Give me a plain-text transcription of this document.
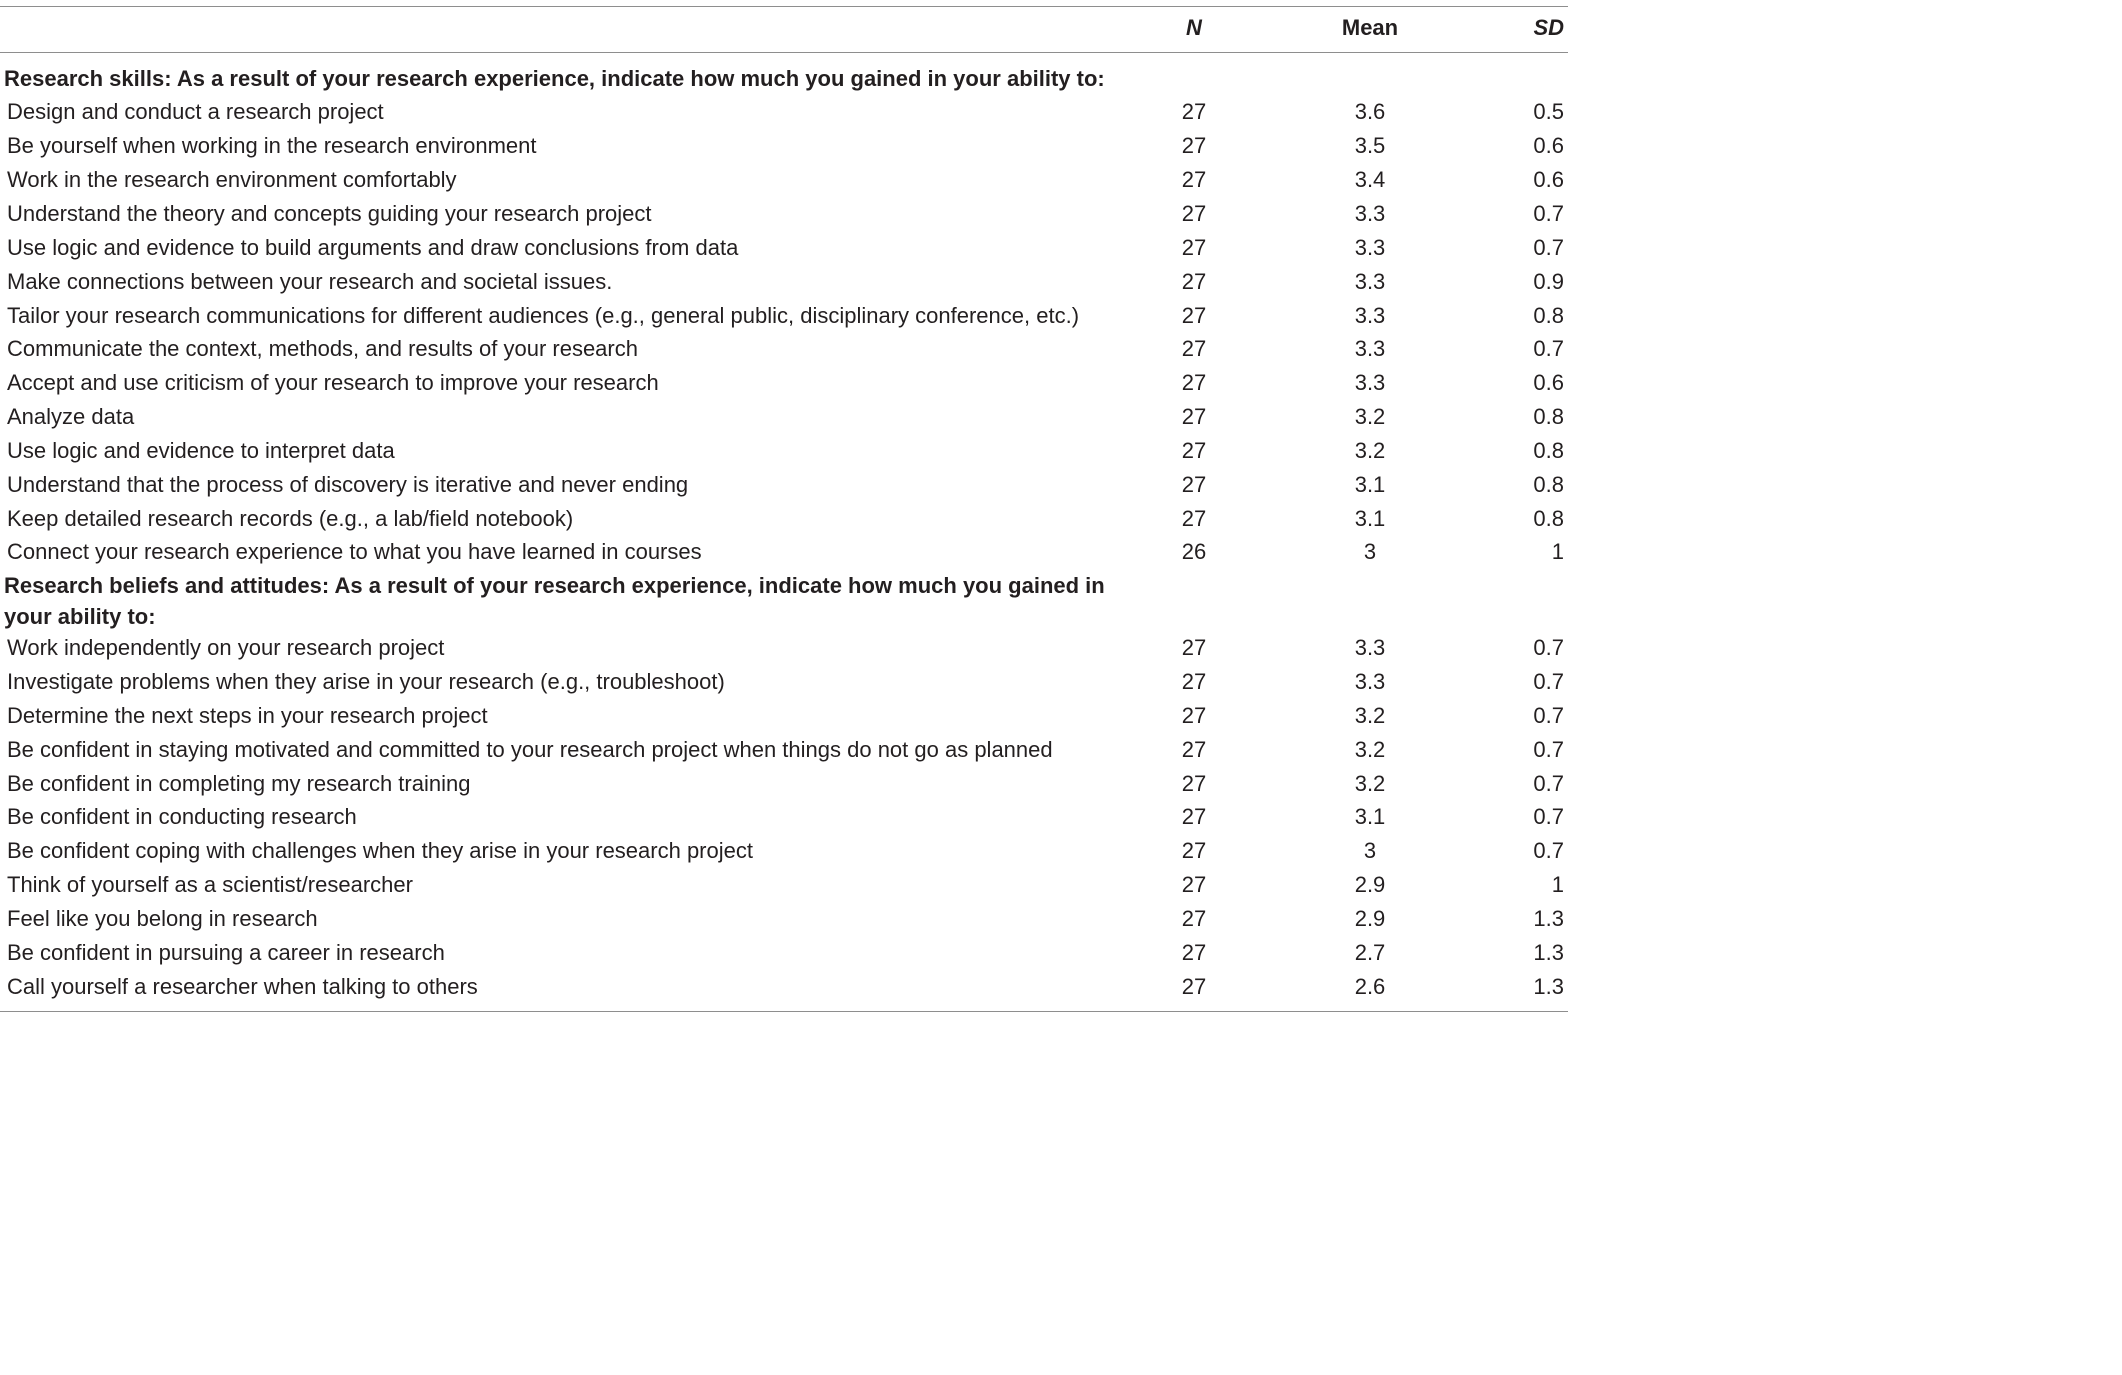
N	Mean	SD
Research skills: As a result of your research experience, indicate how much you gained in your ability to:
Design and conduct a research project	27	3.6	0.5
Be yourself when working in the research environment	27	3.5	0.6
Work in the research environment comfortably	27	3.4	0.6
Understand the theory and concepts guiding your research project	27	3.3	0.7
Use logic and evidence to build arguments and draw conclusions from data	27	3.3	0.7
Make connections between your research and societal issues.	27	3.3	0.9
Tailor your research communications for different audiences (e.g., general public, disciplinary conference, etc.)	27	3.3	0.8
Communicate the context, methods, and results of your research	27	3.3	0.7
Accept and use criticism of your research to improve your research	27	3.3	0.6
Analyze data	27	3.2	0.8
Use logic and evidence to interpret data	27	3.2	0.8
Understand that the process of discovery is iterative and never ending	27	3.1	0.8
Keep detailed research records (e.g., a lab/field notebook)	27	3.1	0.8
Connect your research experience to what you have learned in courses	26	3	1
Research beliefs and attitudes: As a result of your research experience, indicate how much you gained in your ability to:
Work independently on your research project	27	3.3	0.7
Investigate problems when they arise in your research (e.g., troubleshoot)	27	3.3	0.7
Determine the next steps in your research project	27	3.2	0.7
Be confident in staying motivated and committed to your research project when things do not go as planned	27	3.2	0.7
Be confident in completing my research training	27	3.2	0.7
Be confident in conducting research	27	3.1	0.7
Be confident coping with challenges when they arise in your research project	27	3	0.7
Think of yourself as a scientist/researcher	27	2.9	1
Feel like you belong in research	27	2.9	1.3
Be confident in pursuing a career in research	27	2.7	1.3
Call yourself a researcher when talking to others	27	2.6	1.3
